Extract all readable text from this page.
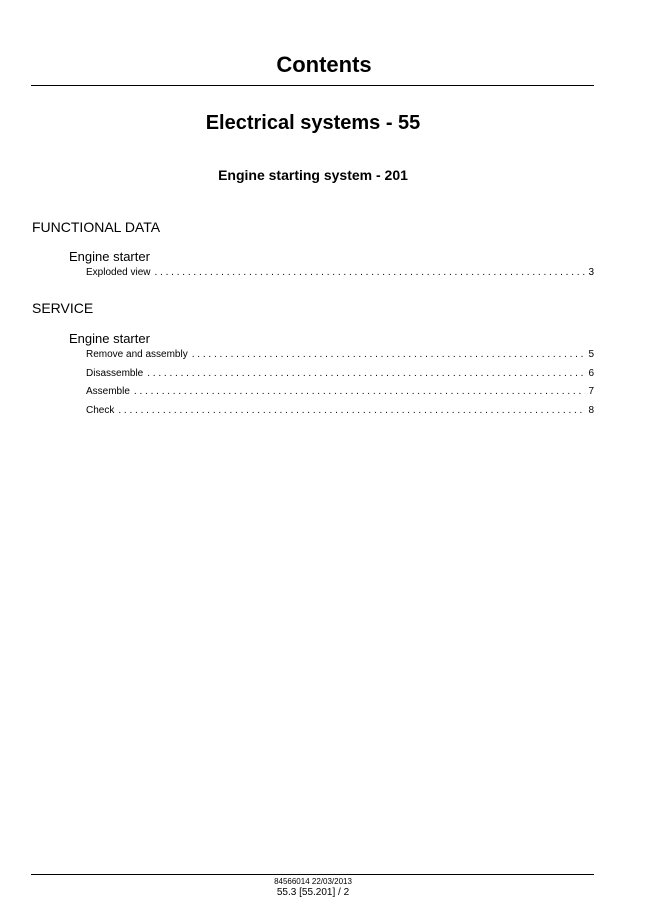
Contents
Electrical systems - 55
Engine starting system - 201
FUNCTIONAL DATA
Engine starter
Exploded view . . .	3
SERVICE
Engine starter
Remove and assembly . . .	5
Disassemble . . .	6
Assemble . . .	7
Check . . .	8
84566014 22/03/2013
55.3 [55.201] / 2
